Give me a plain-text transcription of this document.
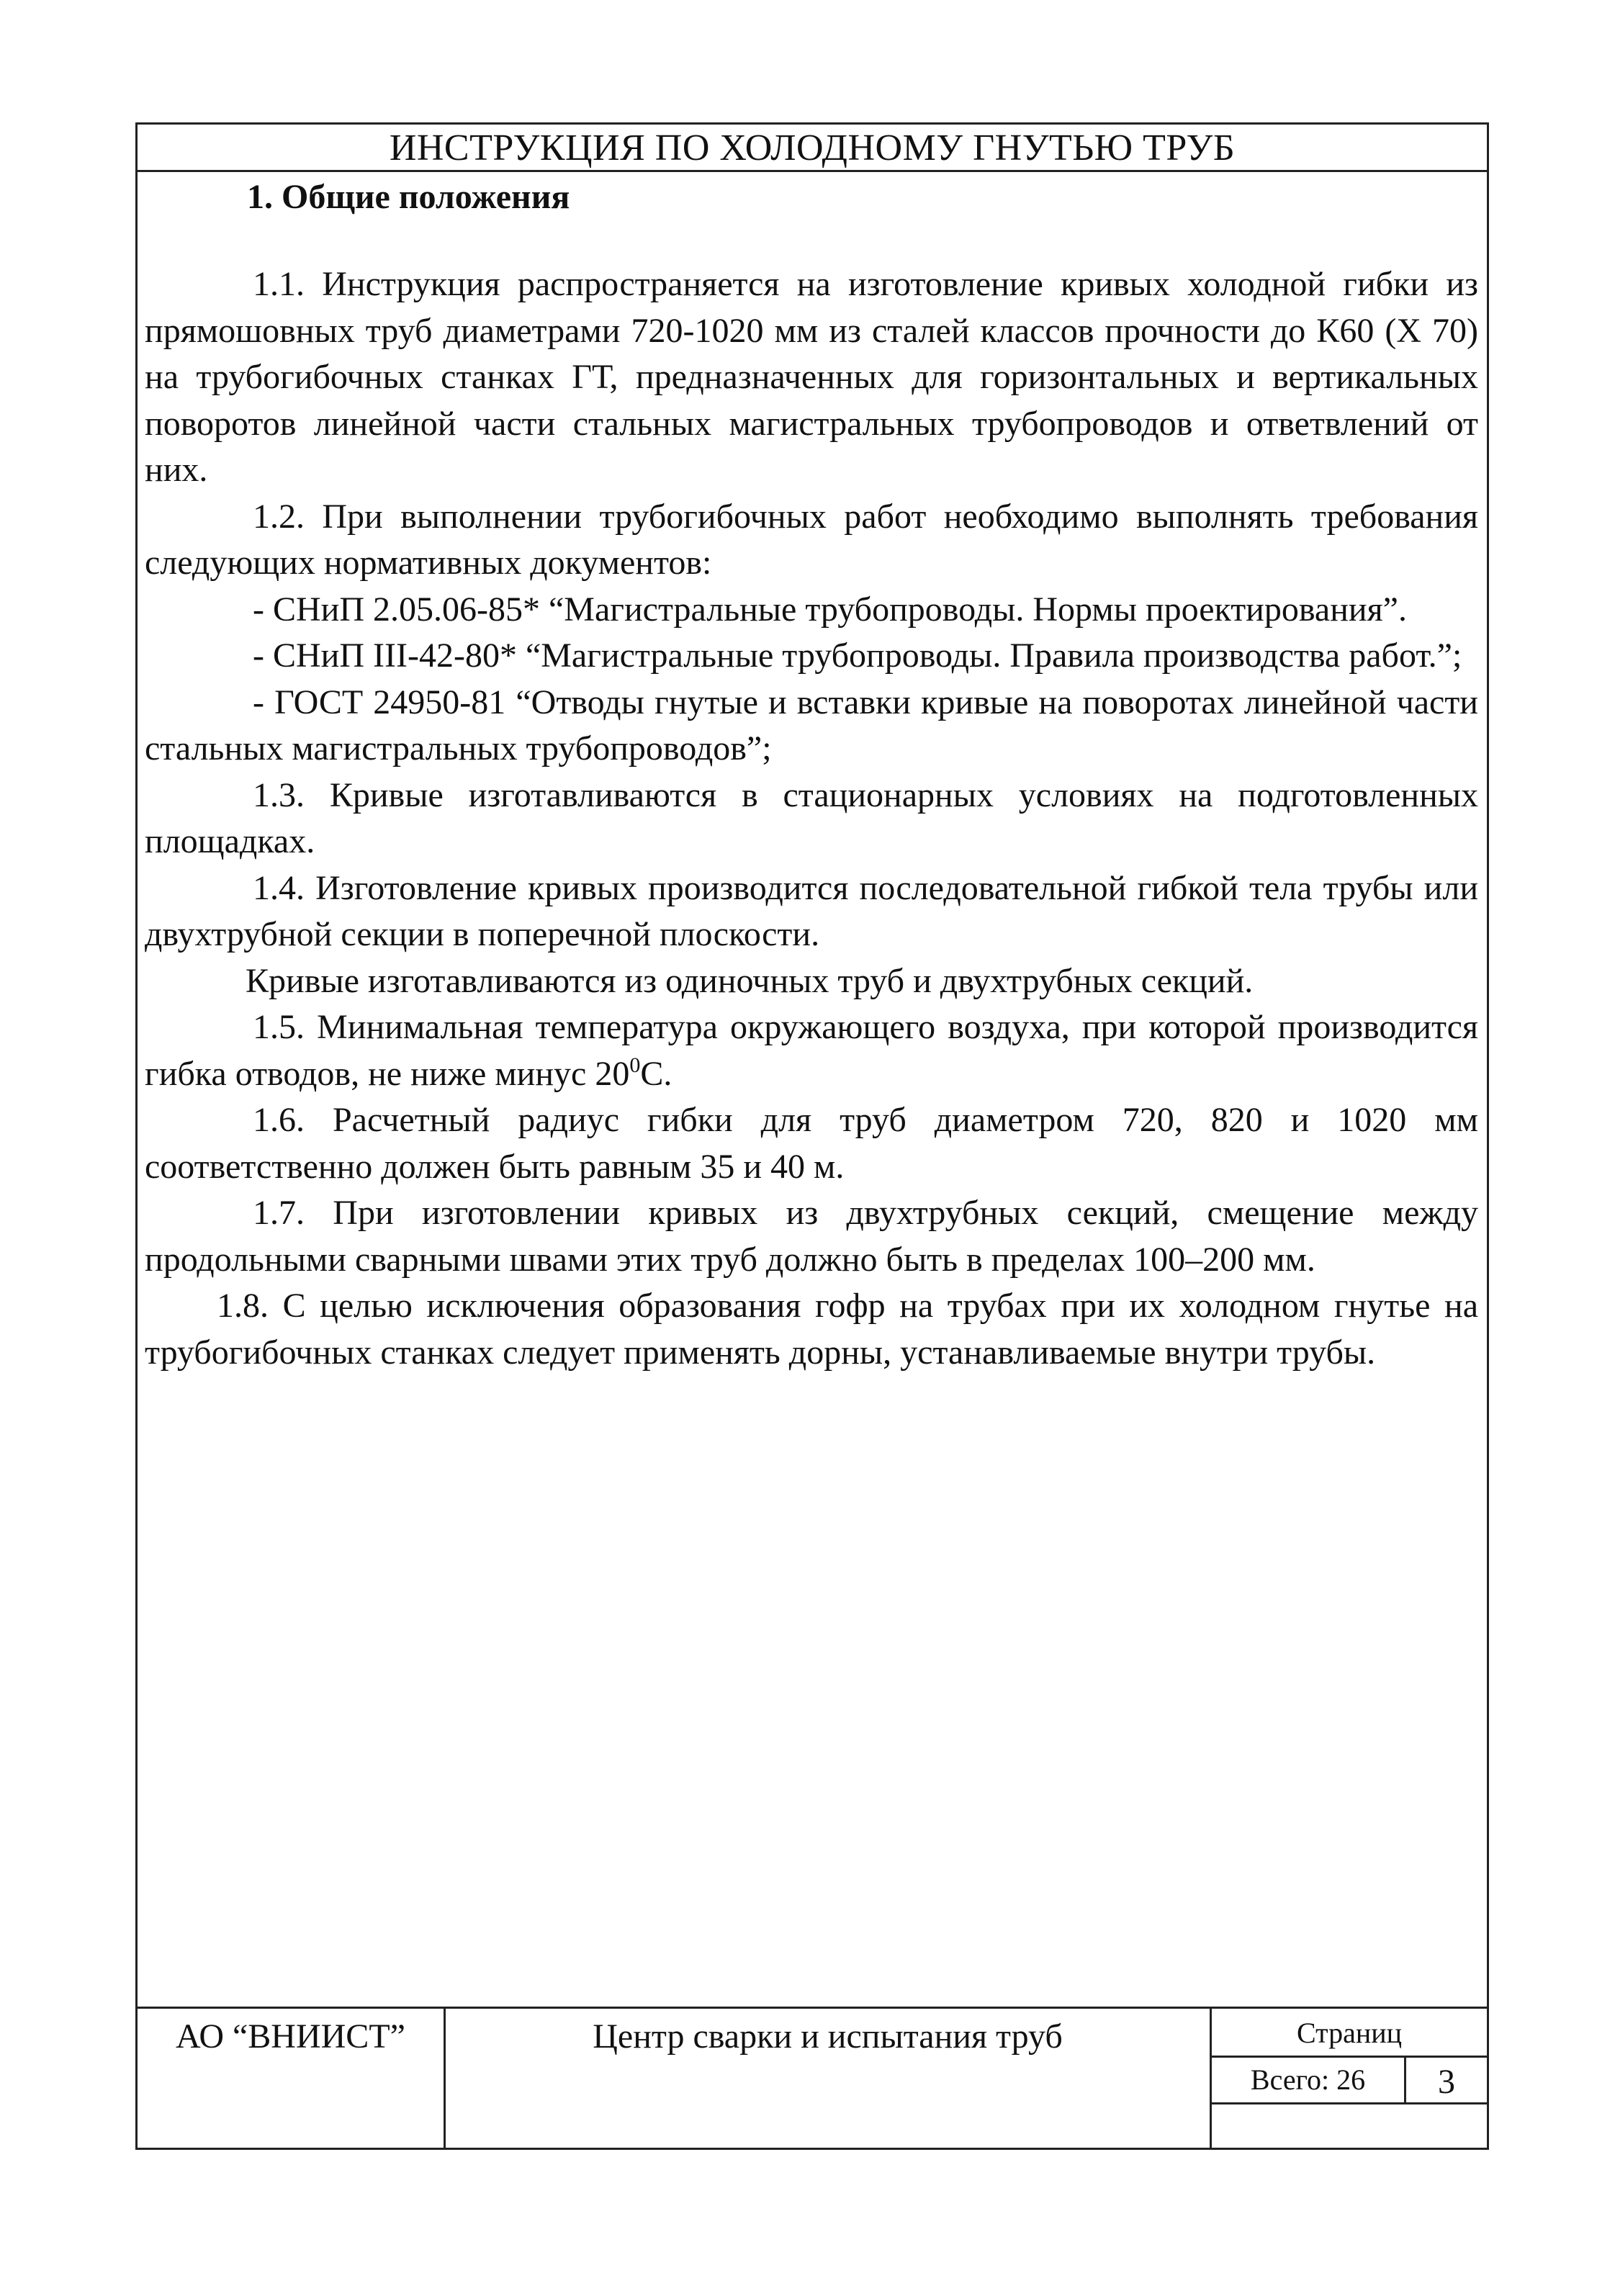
ИНСТРУКЦИЯ ПО ХОЛОДНОМУ ГНУТЬЮ ТРУБ

1. Общие положения

1.1. Инструкция распространяется на изготовление кривых холодной гибки из прямошовных труб диаметрами 720-1020 мм из сталей классов прочности до К60 (Х 70) на трубогибочных станках ГТ, предназначенных для горизонтальных и вертикальных поворотов линейной части стальных магистральных трубопроводов и ответвлений от них.

1.2. При выполнении трубогибочных работ необходимо выполнять требования следующих нормативных документов:

- СНиП 2.05.06-85* “Магистральные трубопроводы. Нормы проектирования”.

- СНиП III-42-80* “Магистральные трубопроводы. Правила производства работ.”;

- ГОСТ 24950-81 “Отводы гнутые и вставки кривые на поворотах линейной части стальных магистральных трубопроводов”;

1.3. Кривые изготавливаются в стационарных условиях на подготовленных площадках.

1.4. Изготовление кривых производится последовательной гибкой тела трубы или двухтрубной секции в поперечной плоскости.

Кривые изготавливаются из одиночных труб и двухтрубных секций.

1.5. Минимальная температура окружающего воздуха, при которой производится гибка отводов, не ниже минус $20^0C$.

1.6. Расчетный радиус гибки для труб диаметром 720, 820 и 1020 мм соответственно должен быть равным 35 и 40 м.

1.7. При изготовлении кривых из двухтрубных секций, смещение между продольными сварными швами этих труб должно быть в пределах 100–200 мм.

1.8. С целью исключения образования гофр на трубах при их холодном гнутье на трубогибочных станках следует применять дорны, устанавливаемые внутри трубы.

АО “ВНИИСТ”	Центр сварки и испытания труб	Страниц
Всего: 26	3
